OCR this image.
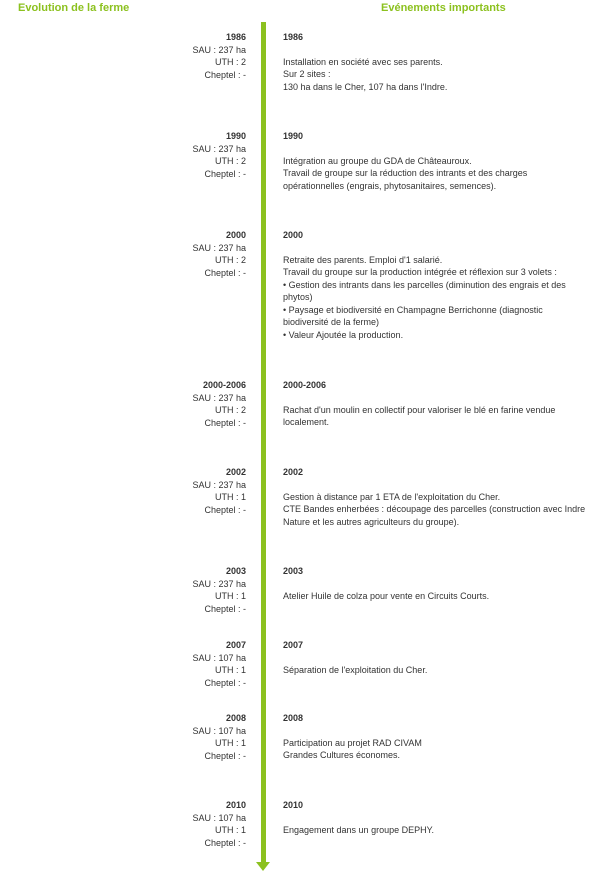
Evolution de la ferme	Evénements importants
1986
SAU : 237 ha
UTH : 2
Cheptel : -
1986
Installation en société avec ses parents.
Sur 2 sites :
130 ha dans le Cher, 107 ha dans l'Indre.
1990
SAU : 237 ha
UTH : 2
Cheptel : -
1990
Intégration au groupe du GDA de Châteauroux.
Travail de groupe sur la réduction des intrants et des charges
opérationnelles (engrais, phytosanitaires, semences).
2000
SAU : 237 ha
UTH : 2
Cheptel : -
2000
Retraite des parents. Emploi d'1 salarié.
Travail du groupe sur la production intégrée et réflexion sur 3 volets :
• Gestion des intrants dans les parcelles (diminution des engrais et des
phytos)
• Paysage et biodiversité en Champagne Berrichonne (diagnostic
biodiversité de la ferme)
• Valeur Ajoutée la production.
2000-2006
SAU : 237 ha
UTH : 2
Cheptel : -
2000-2006
Rachat d'un moulin en collectif pour valoriser le blé en farine vendue
localement.
2002
SAU : 237 ha
UTH : 1
Cheptel : -
2002
Gestion à distance par 1 ETA de l'exploitation du Cher.
CTE Bandes enherbées : découpage des parcelles (construction avec Indre
Nature et les autres agriculteurs du groupe).
2003
SAU : 237 ha
UTH : 1
Cheptel : -
2003
Atelier Huile de colza pour vente en Circuits Courts.
2007
SAU : 107 ha
UTH : 1
Cheptel : -
2007
Séparation de l'exploitation du Cher.
2008
SAU : 107 ha
UTH : 1
Cheptel : -
2008
Participation au projet RAD CIVAM
Grandes Cultures économes.
2010
SAU : 107 ha
UTH : 1
Cheptel : -
2010
Engagement dans un groupe DEPHY.
